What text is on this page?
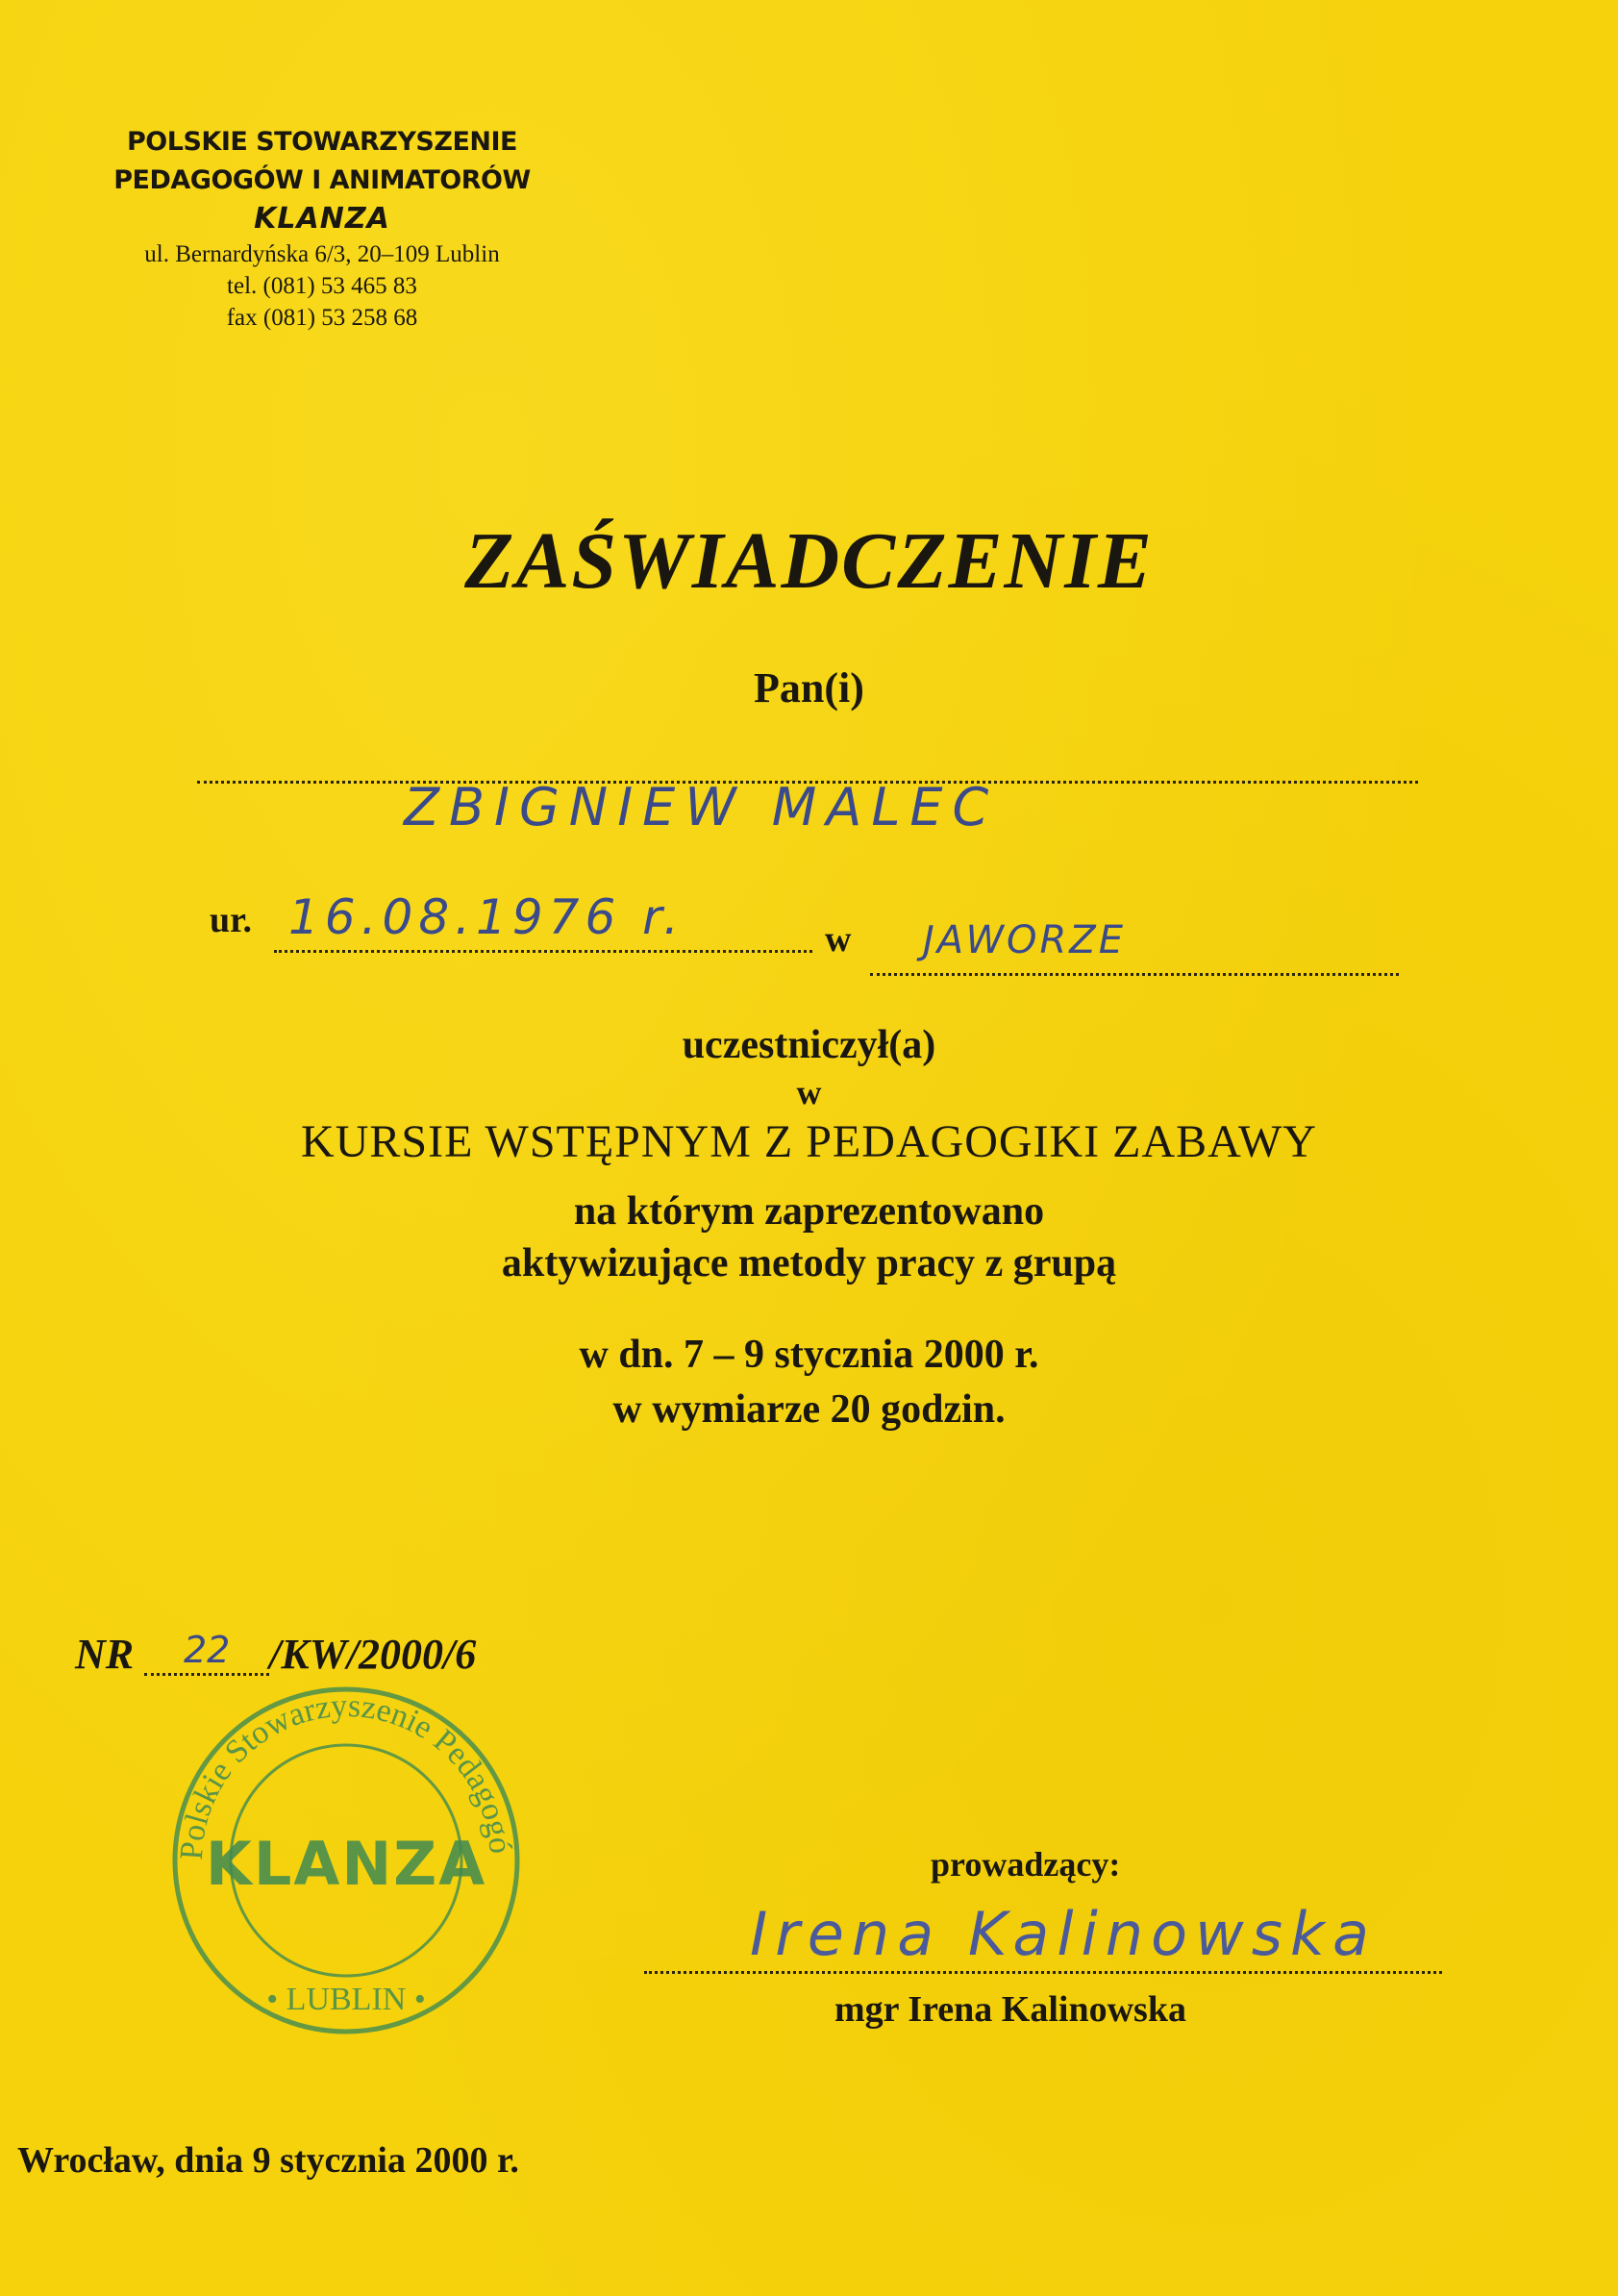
POLSKIE STOWARZYSZENIE
PEDAGOGÓW I ANIMATORÓW
KLANZA
ul. Bernardyńska 6/3, 20–109 Lublin
tel. (081) 53 465 83
fax (081) 53 258 68
ZAŚWIADCZENIE
Pan(i)
ZBIGNIEW MALEC
ur. 16.08.1976 r.	w JAWORZE
uczestniczył(a)
w
KURSIE WSTĘPNYM Z PEDAGOGIKI ZABAWY
na którym zaprezentowano
aktywizujące metody pracy z grupą
w dn. 7 – 9 stycznia 2000 r.
w wymiarze 20 godzin.
NR 22 /KW/2000/6
Polskie Stowarzyszenie Pedagogó
KLANZA
• LUBLIN •
prowadzący:
Irena Kalinowska
mgr Irena Kalinowska
Wrocław, dnia 9 stycznia 2000 r.
